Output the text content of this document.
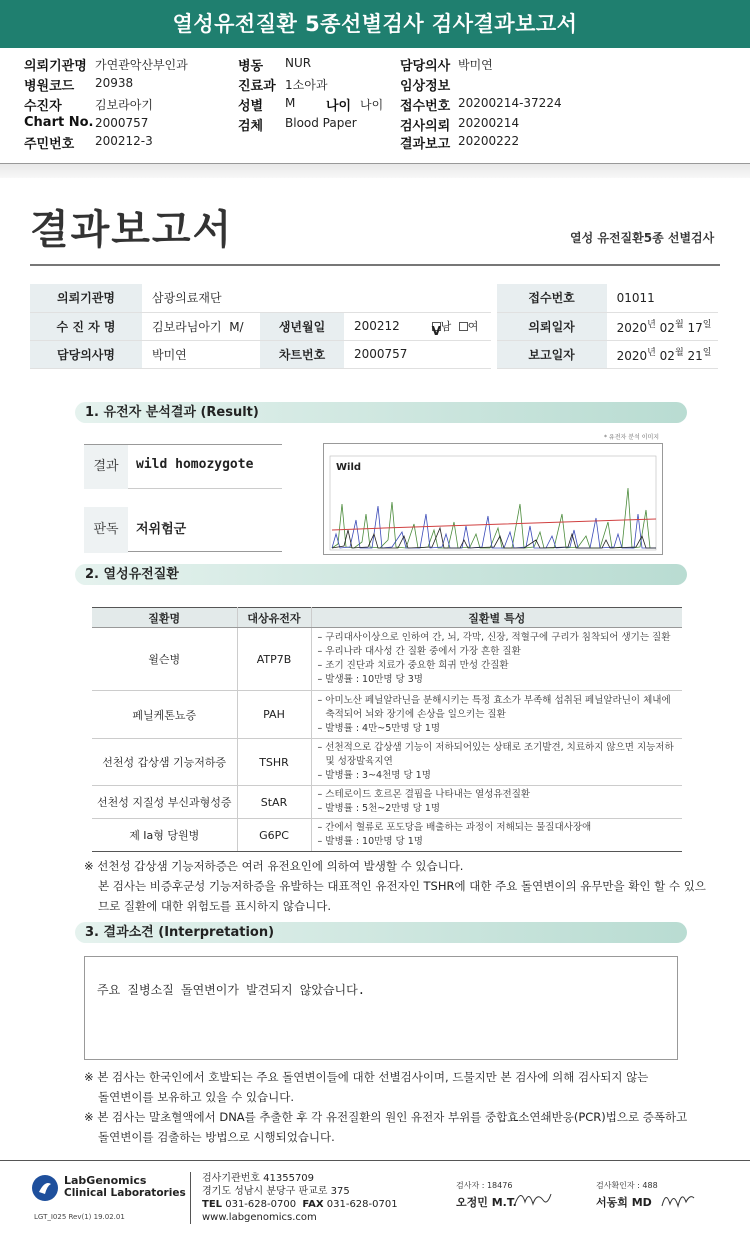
열성유전질환 5종선별검사 검사결과보고서
의뢰기관명 가연관악산부인과
병원코드 20938
수진자	김보라아기
Chart No. 2000757
주민번호 200212-3
병동 NUR
진료과 1소아과
성별 M 나이 나이
검체 Blood Paper
담당의사 박미연
임상정보
접수번호 20200214-37224
검사의뢰 20200214
결과보고 20200222
결과보고서	열성 유전질환5종 선별검사
의뢰기관명	삼광의료재단				접수번호	01011
수 진 자 명	김보라님아기 M/	생년월일	200212 V 남 여		의뢰일자	$2020^년$ $02^월$ $17^일$
담당의사명	박미연	차트번호	2000757		보고일자	$2020^년$ $02^월$ $21^일$
1. 유전자 분석결과 (Result)
* 유전자 분석 이미지
결과	wild homozygote
판독	저위험군
Wild
2. 열성유전질환
질환명	대상유전자	질환별 특성
윌슨병	ATP7B	– 구리대사이상으로 인하여 간, 뇌, 각막, 신장, 적혈구에 구리가 침착되어 생기는 질환
– 우리나라 대사성 간 질환 중에서 가장 흔한 질환
– 조기 진단과 치료가 중요한 희귀 만성 간질환
– 발생률 : 10만명 당 3명

페닐케톤뇨증	PAH	– 아미노산 페닐알라닌을 분해시키는 특정 효소가 부족해 섭취된 페닐알라닌이 체내에 축적되어 뇌와 장기에 손상을 일으키는 질환
– 발병률 : 4만~5만명 당 1명

선천성 갑상샘 기능저하증	TSHR	– 선천적으로 갑상샘 기능이 저하되어있는 상태로 조기발견, 치료하지 않으면 지능저하 및 성장발육지연
– 발병률 : 3~4천명 당 1명

선천성 지질성 부신과형성증	StAR	– 스테로이드 호르몬 결핍을 나타내는 열성유전질환
– 발병률 : 5천~2만명 당 1명

제 Ia형 당원병	G6PC	– 간에서 혈류로 포도당을 배출하는 과정이 저해되는 물질대사장애
– 발병률 : 10만명 당 1명
※ 선천성 갑상샘 기능저하증은 여러 유전요인에 의하여 발생할 수 있습니다.
본 검사는 비증후군성 기능저하증을 유발하는 대표적인 유전자인 TSHR에 대한 주요 돌연변이의 유무만을 확인 할 수 있으
므로 질환에 대한 위험도를 표시하지 않습니다.
3. 결과소견 (Interpretation)
주요 질병소질 돌연변이가 발견되지 않았습니다.
※ 본 검사는 한국인에서 호발되는 주요 돌연변이들에 대한 선별검사이며, 드물지만 본 검사에 의해 검사되지 않는
돌연변이를 보유하고 있을 수 있습니다.
※ 본 검사는 말초혈액에서 DNA를 추출한 후 각 유전질환의 원인 유전자 부위를 중합효소연쇄반응(PCR)법으로 증폭하고
돌연변이를 검출하는 방법으로 시행되었습니다.
LabGenomics
Clinical Laboratories
LGT_I025 Rev(1) 19.02.01
검사기관번호 41355709
경기도 성남시 분당구 판교로 375
TEL 031-628-0700 FAX 031-628-0701
www.labgenomics.com
검사자 : 18476
오정민 M.T.
검사확인자 : 488
서동희 MD
